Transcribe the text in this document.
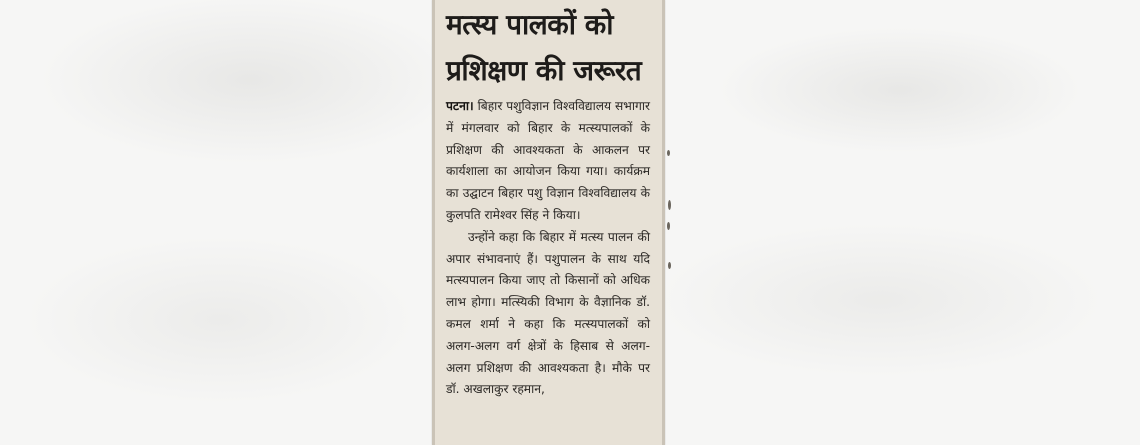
मत्स्य पालकों को
प्रशिक्षण की जरूरत

पटना। बिहार पशुविज्ञान विश्वविद्यालय सभागार में मंगलवार को बिहार के मत्स्यपालकों के प्रशिक्षण की आवश्यकता के आकलन पर कार्यशाला का आयोजन किया गया। कार्यक्रम का उद्घाटन बिहार पशु विज्ञान विश्वविद्यालय के कुलपति रामेश्वर सिंह ने किया।

उन्होंने कहा कि बिहार में मत्स्य पालन की अपार संभावनाएं हैं। पशुपालन के साथ यदि मत्स्यपालन किया जाए तो किसानों को अधिक लाभ होगा। मत्स्यिकी विभाग के वैज्ञानिक डॉ. कमल शर्मा ने कहा कि मत्स्यपालकों को अलग-अलग वर्ग क्षेत्रों के हिसाब से अलग-अलग प्रशिक्षण की आवश्यकता है। मौके पर डॉ. अखलाकुर रहमान,
